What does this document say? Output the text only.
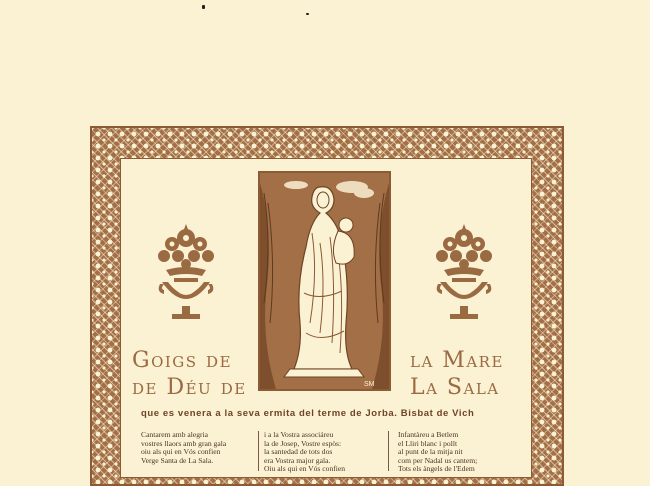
SM
Goigs de
de Déu de
la Mare
La Sala
que es venera a la seva ermita del terme de Jorba. Bisbat de Vich
Cantarem amb alegria
vostres llaors amb gran gala
oiu als qui en Vós confien
Verge Santa de La Sala.
i a la Vostra associáreu
la de Josep, Vostre espòs:
la santedad de tots dos
era Vostra major gala.
Oiu als qui en Vós confien
Infantàreu a Betlem
el Lliri blanc i pollt
al punt de la mitja nit
com per Nadal us cantem;
Tots els àngels de l'Edem
